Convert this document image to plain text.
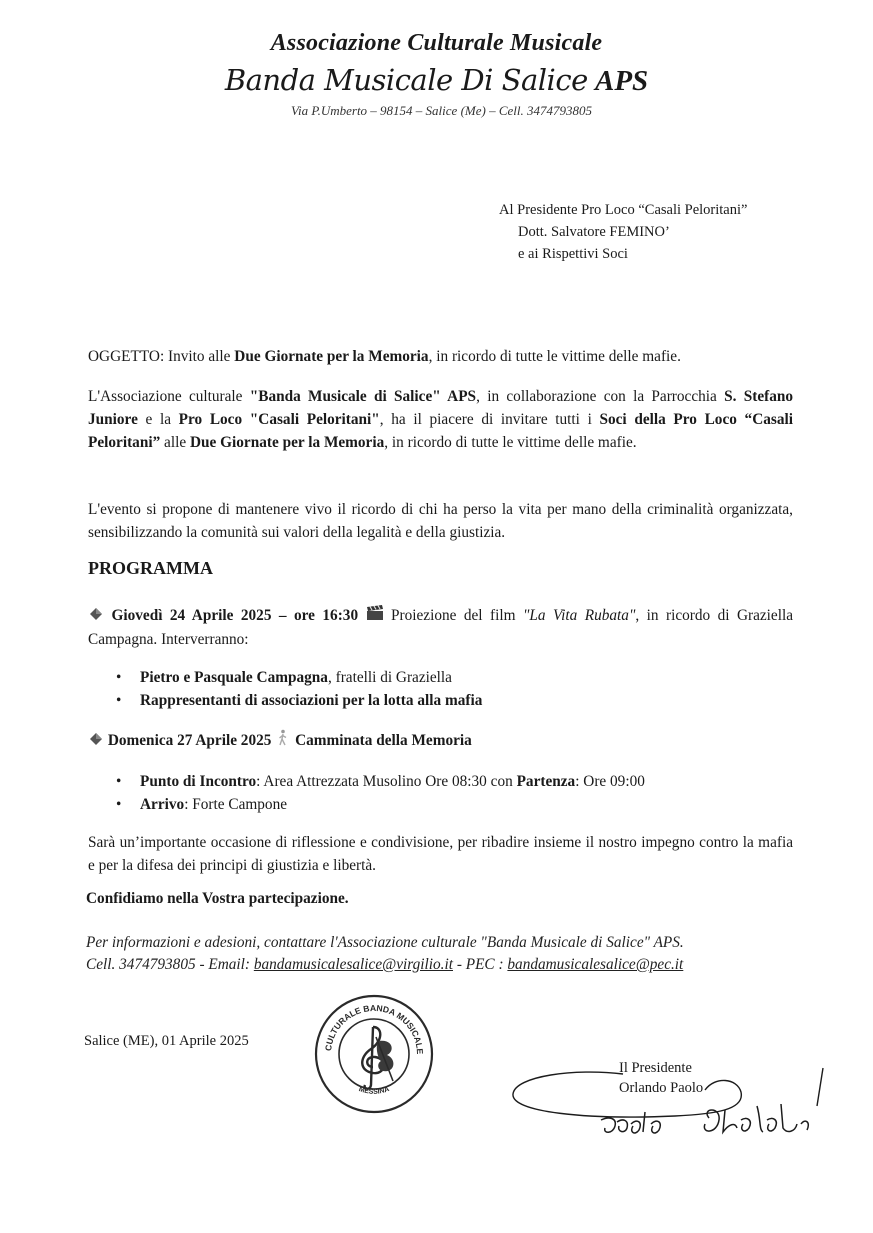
Associazione Culturale Musicale
Banda Musicale Di Salice APS
Via P.Umberto – 98154 – Salice (Me) – Cell. 3474793805
Al Presidente Pro Loco “Casali Peloritani”
Dott. Salvatore FEMINO’
e ai Rispettivi Soci
OGGETTO: Invito alle Due Giornate per la Memoria, in ricordo di tutte le vittime delle mafie.
L'Associazione culturale "Banda Musicale di Salice" APS, in collaborazione con la Parrocchia S. Stefano Juniore e la Pro Loco "Casali Peloritani", ha il piacere di invitare tutti i Soci della Pro Loco “Casali Peloritani” alle Due Giornate per la Memoria, in ricordo di tutte le vittime delle mafie.
L'evento si propone di mantenere vivo il ricordo di chi ha perso la vita per mano della criminalità organizzata, sensibilizzando la comunità sui valori della legalità e della giustizia.
PROGRAMMA
Giovedì 24 Aprile 2025 – ore 16:30  Proiezione del film "La Vita Rubata", in ricordo di Graziella Campagna. Interverranno:
• Pietro e Pasquale Campagna, fratelli di Graziella
• Rappresentanti di associazioni per la lotta alla mafia
Domenica 27 Aprile 2025 Camminata della Memoria
• Punto di Incontro: Area Attrezzata Musolino Ore 08:30 con Partenza: Ore 09:00
• Arrivo: Forte Campone
Sarà un’importante occasione di riflessione e condivisione, per ribadire insieme il nostro impegno contro la mafia e per la difesa dei principi di giustizia e libertà.
Confidiamo nella Vostra partecipazione.
Per informazioni e adesioni, contattare l'Associazione culturale "Banda Musicale di Salice" APS.
Cell. 3474793805 - Email: bandamusicalesalice@virgilio.it - PEC : bandamusicalesalice@pec.it
Salice (ME), 01 Aprile 2025	CULTURALE BANDA MUSICALE
MESSINA
Il Presidente
Orlando Paolo
